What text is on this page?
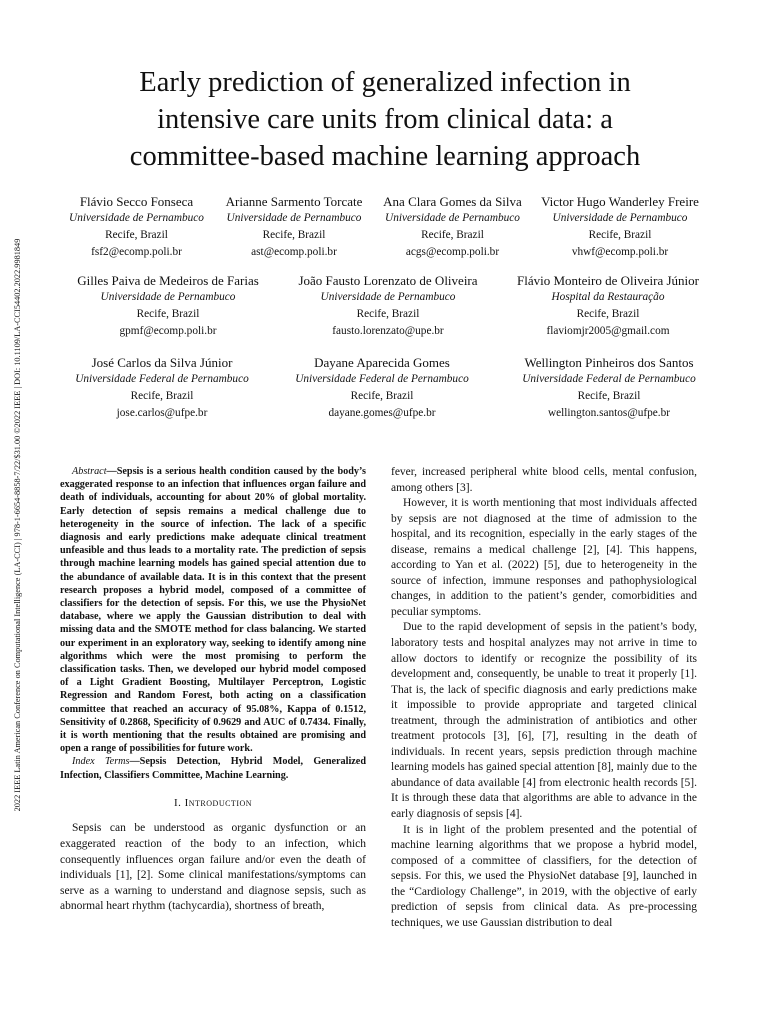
2022 IEEE Latin American Conference on Computational Intelligence (LA-CCI) | 978-1-6654-8858-7/22/$31.00 ©2022 IEEE | DOI: 10.1109/LA-CCI54402.2022.9981849
Early prediction of generalized infection in intensive care units from clinical data: a committee-based machine learning approach
Flávio Secco Fonseca
Universidade de Pernambuco
Recife, Brazil
fsf2@ecomp.poli.br
Arianne Sarmento Torcate
Universidade de Pernambuco
Recife, Brazil
ast@ecomp.poli.br
Ana Clara Gomes da Silva
Universidade de Pernambuco
Recife, Brazil
acgs@ecomp.poli.br
Victor Hugo Wanderley Freire
Universidade de Pernambuco
Recife, Brazil
vhwf@ecomp.poli.br
Gilles Paiva de Medeiros de Farias
Universidade de Pernambuco
Recife, Brazil
gpmf@ecomp.poli.br
João Fausto Lorenzato de Oliveira
Universidade de Pernambuco
Recife, Brazil
fausto.lorenzato@upe.br
Flávio Monteiro de Oliveira Júnior
Hospital da Restauração
Recife, Brazil
flaviomjr2005@gmail.com
José Carlos da Silva Júnior
Universidade Federal de Pernambuco
Recife, Brazil
jose.carlos@ufpe.br
Dayane Aparecida Gomes
Universidade Federal de Pernambuco
Recife, Brazil
dayane.gomes@ufpe.br
Wellington Pinheiros dos Santos
Universidade Federal de Pernambuco
Recife, Brazil
wellington.santos@ufpe.br

Abstract—Sepsis is a serious health condition caused by the body’s exaggerated response to an infection that influences organ failure and death of individuals, accounting for about 20% of global mortality. Early detection of sepsis remains a medical challenge due to heterogeneity in the source of infection. The lack of a specific diagnosis and early predictions make adequate clinical treatment unfeasible and thus leads to a mortality rate. The prediction of sepsis through machine learning models has gained special attention due to the abundance of available data. It is in this context that the present research proposes a hybrid model, composed of a committee of classifiers for the detection of sepsis. For this, we use the PhysioNet database, where we apply the Gaussian distribution to deal with missing data and the SMOTE method for class balancing. We started our experiment in an exploratory way, seeking to identify among nine algorithms which were the most promising to perform the classification tasks. Then, we developed our hybrid model composed of a Light Gradient Boosting, Multilayer Perceptron, Logistic Regression and Random Forest, both acting on a classification committee that reached an accuracy of 95.08%, Kappa of 0.1512, Sensitivity of 0.2868, Specificity of 0.9629 and AUC of 0.7434. Finally, it is worth mentioning that the results obtained are promising and open a range of possibilities for future work.

Index Terms—Sepsis Detection, Hybrid Model, Generalized Infection, Classifiers Committee, Machine Learning.

I. Introduction

Sepsis can be understood as organic dysfunction or an exaggerated reaction of the body to an infection, which consequently influences organ failure and/or even the death of individuals [1], [2]. Some clinical manifestations/symptoms can serve as a warning to understand and diagnose sepsis, such as abnormal heart rhythm (tachycardia), shortness of breath,

fever, increased peripheral white blood cells, mental confusion, among others [3].

However, it is worth mentioning that most individuals affected by sepsis are not diagnosed at the time of admission to the hospital, and its recognition, especially in the early stages of the disease, remains a medical challenge [2], [4]. This happens, according to Yan et al. (2022) [5], due to heterogeneity in the source of infection, immune responses and pathophysiological changes, in addition to the patient’s gender, comorbidities and peculiar symptoms.

Due to the rapid development of sepsis in the patient’s body, laboratory tests and hospital analyzes may not arrive in time to allow doctors to identify or recognize the possibility of its development and, consequently, be unable to treat it properly [1]. That is, the lack of specific diagnosis and early predictions make it impossible to provide appropriate and targeted clinical treatment, through the administration of antibiotics and other treatment protocols [3], [6], [7], resulting in the death of individuals. In recent years, sepsis prediction through machine learning models has gained special attention [8], mainly due to the abundance of data available [4] from electronic health records [5]. It is through these data that algorithms are able to advance in the early diagnosis of sepsis [4].

It is in light of the problem presented and the potential of machine learning algorithms that we propose a hybrid model, composed of a committee of classifiers, for the detection of sepsis. For this, we used the PhysioNet database [9], launched in the “Cardiology Challenge”, in 2019, with the objective of early prediction of sepsis from clinical data. As pre-processing techniques, we use Gaussian distribution to deal
